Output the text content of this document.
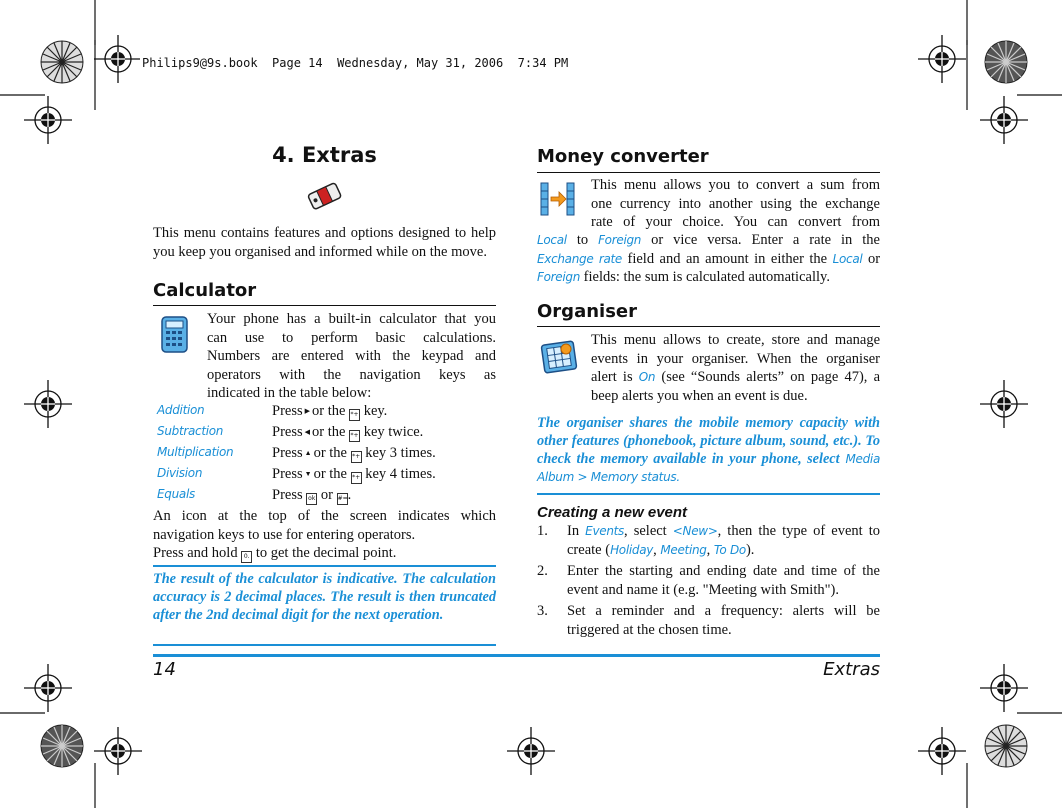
Philips9@9s.book  Page 14  Wednesday, May 31, 2006  7:34 PM
4. Extras
This menu contains features and options designed to help you keep you organised and informed while on the move.
Calculator
Your phone has a built-in calculator that you
can use to perform basic calculations.
Numbers are entered with the keypad and
operators with the navigation keys as
indicated in the table below:
Addition	Press ▶ or the *+ key.
Subtraction	Press ◀ or the *+ key twice.
Multiplication	Press ▲ or the *+ key 3 times.
Division	Press ▼ or the *+ key 4 times.
Equals	Press ok or #=.
An icon at the top of the screen indicates which
navigation keys to use for entering operators.
Press and hold 0. to get the decimal point.
The result of the calculator is indicative. The calculation accuracy is 2 decimal places. The result is then truncated after the 2nd decimal digit for the next operation.
Money converter
This menu allows you to convert a sum from
one currency into another using the exchange
rate of your choice. You can convert from
Local to Foreign or vice versa. Enter a rate in the
Exchange rate field and an amount in either the Local or
Foreign fields: the sum is calculated automatically.
Organiser
This menu allows to create, store and manage
events in your organiser. When the organiser
alert is On (see “Sounds alerts” on page 47), a
beep alerts you when an event is due.
The organiser shares the mobile memory capacity with other features (phonebook, picture album, sound, etc.). To check the memory available in your phone, select Media Album > Memory status.
Creating a new event
1. In Events, select <New>, then the type of event to
create (Holiday, Meeting, To Do).
2. Enter the starting and ending date and time of the event and name it (e.g. "Meeting with Smith").
3. Set a reminder and a frequency: alerts will be triggered at the chosen time.
14	Extras
